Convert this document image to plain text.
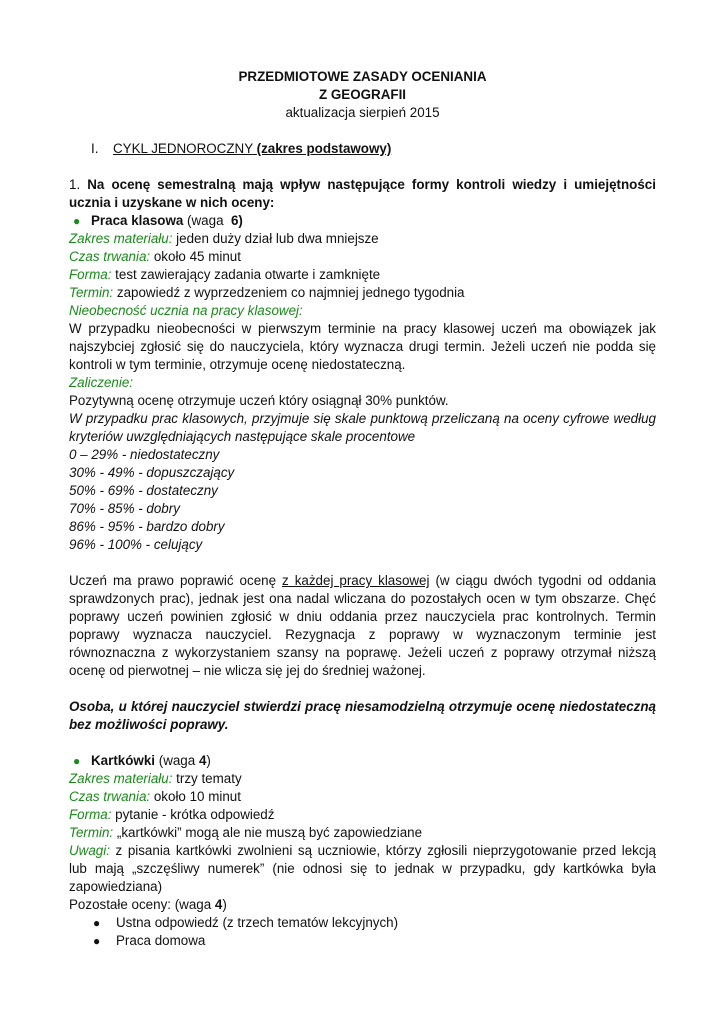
PRZEDMIOTOWE ZASADY OCENIANIA
Z GEOGRAFII
aktualizacja sierpień 2015
I. CYKL JEDNOROCZNY (zakres podstawowy)
1. Na ocenę semestralną mają wpływ następujące formy kontroli wiedzy i umiejętności ucznia i uzyskane w nich oceny:
● Praca klasowa (waga 6)
Zakres materiału: jeden duży dział lub dwa mniejsze
Czas trwania: około 45 minut
Forma: test zawierający zadania otwarte i zamknięte
Termin: zapowiedź z wyprzedzeniem co najmniej jednego tygodnia
Nieobecność ucznia na pracy klasowej:
W przypadku nieobecności w pierwszym terminie na pracy klasowej uczeń ma obowiązek jak najszybciej zgłosić się do nauczyciela, który wyznacza drugi termin. Jeżeli uczeń nie podda się kontroli w tym terminie, otrzymuje ocenę niedostateczną.
Zaliczenie:
Pozytywną ocenę otrzymuje uczeń który osiągnął 30% punktów.
W przypadku prac klasowych, przyjmuje się skale punktową przeliczaną na oceny cyfrowe według kryteriów uwzględniających następujące skale procentowe
0 – 29% - niedostateczny
30% - 49% - dopuszczający
50% - 69% - dostateczny
70% - 85% - dobry
86% - 95% - bardzo dobry
96% - 100% - celujący
Uczeń ma prawo poprawić ocenę z każdej pracy klasowej (w ciągu dwóch tygodni od oddania sprawdzonych prac), jednak jest ona nadal wliczana do pozostałych ocen w tym obszarze. Chęć poprawy uczeń powinien zgłosić w dniu oddania przez nauczyciela prac kontrolnych. Termin poprawy wyznacza nauczyciel. Rezygnacja z poprawy w wyznaczonym terminie jest równoznaczna z wykorzystaniem szansy na poprawę. Jeżeli uczeń z poprawy otrzymał niższą ocenę od pierwotnej – nie wlicza się jej do średniej ważonej.
Osoba, u której nauczyciel stwierdzi pracę niesamodzielną otrzymuje ocenę niedostateczną bez możliwości poprawy.
● Kartkówki (waga 4)
Zakres materiału: trzy tematy
Czas trwania: około 10 minut
Forma: pytanie - krótka odpowiedź
Termin: „kartkówki” mogą ale nie muszą być zapowiedziane
Uwagi: z pisania kartkówki zwolnieni są uczniowie, którzy zgłosili nieprzygotowanie przed lekcją lub mają „szczęśliwy numerek” (nie odnosi się to jednak w przypadku, gdy kartkówka była zapowiedziana)
Pozostałe oceny: (waga 4)
● Ustna odpowiedź (z trzech tematów lekcyjnych)
● Praca domowa
